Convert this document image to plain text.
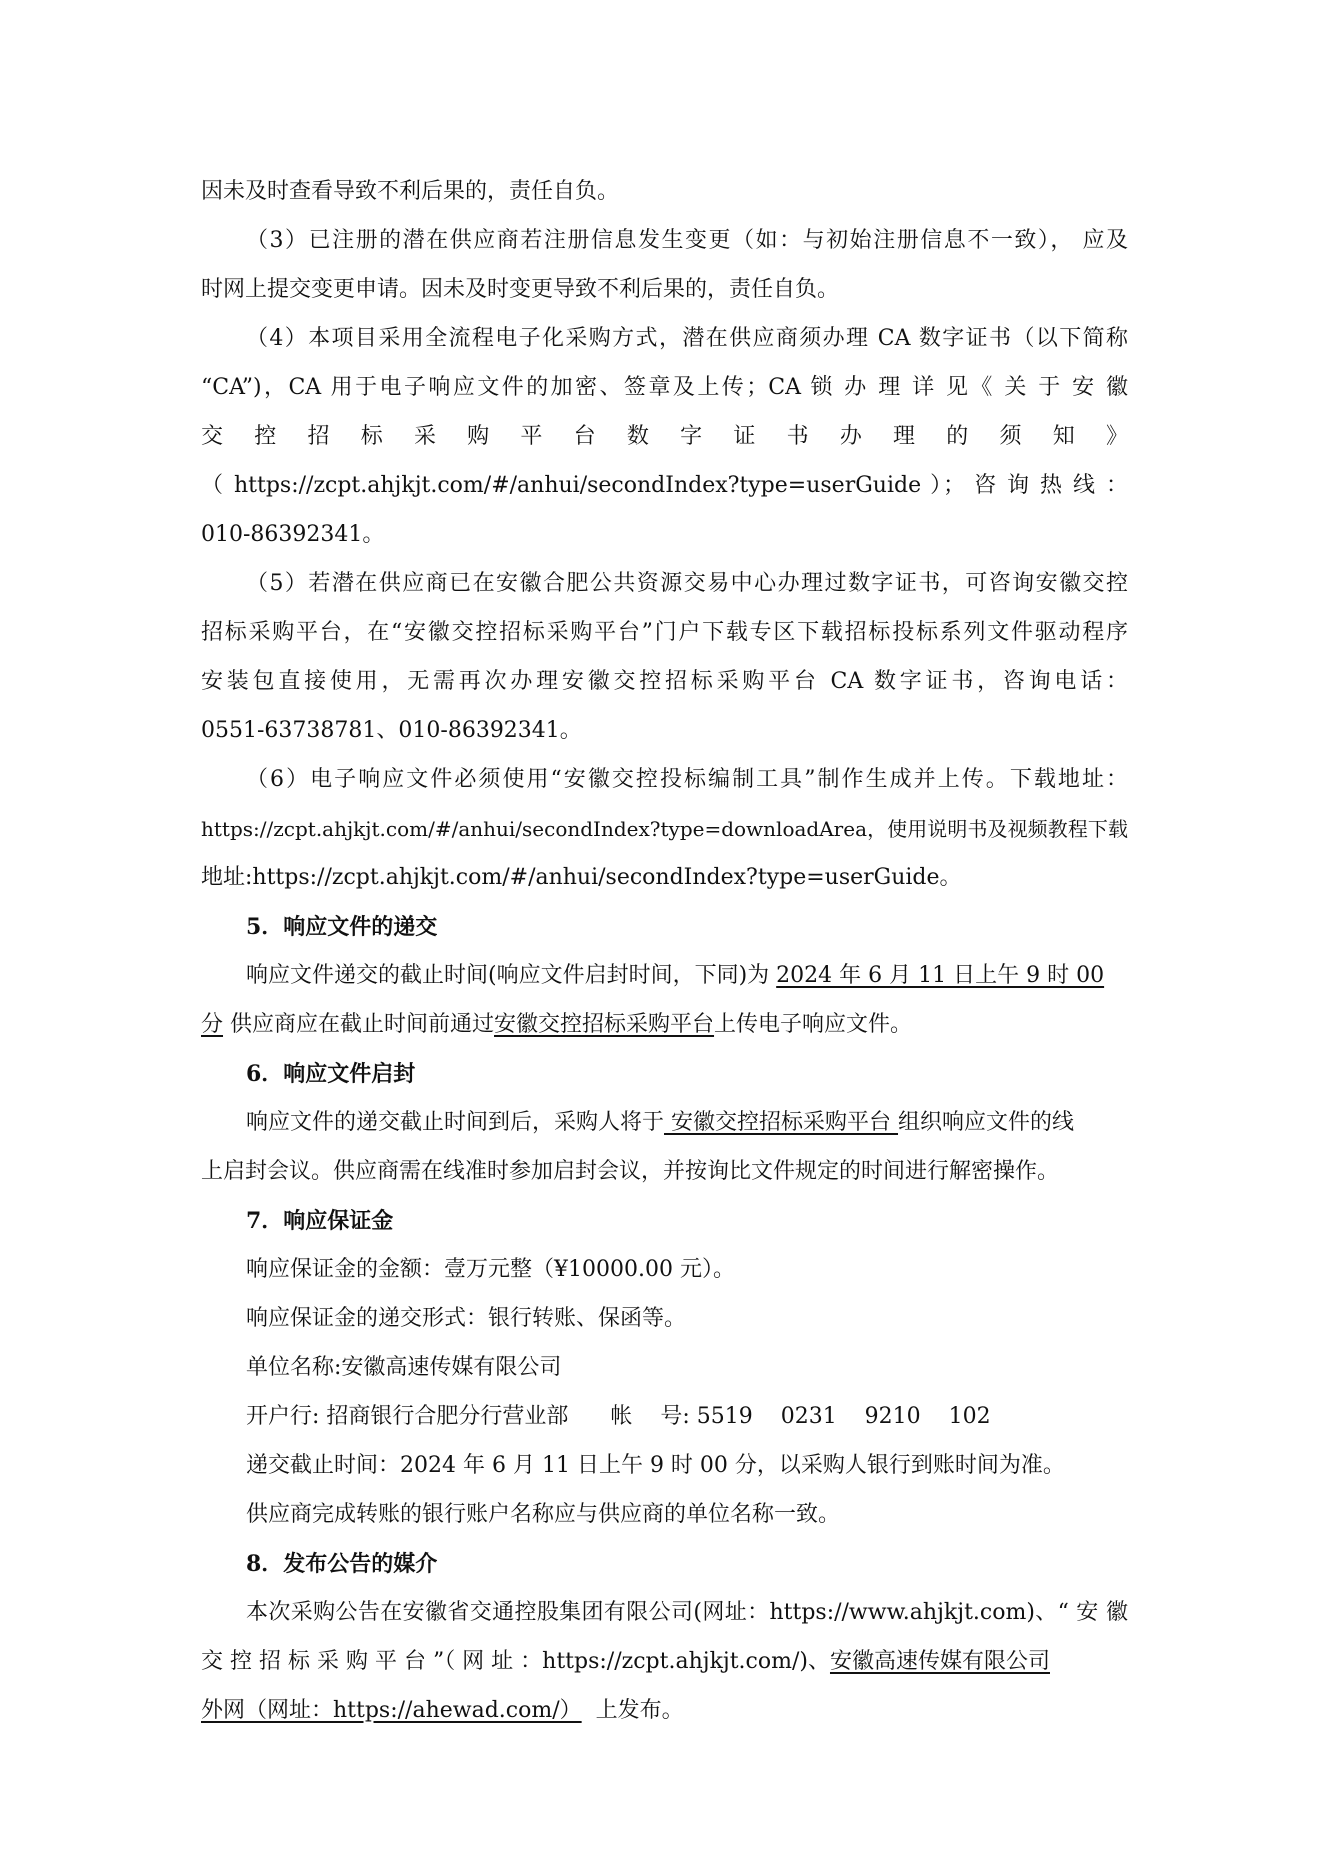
因未及时查看导致不利后果的，责任自负。
（3）已注册的潜在供应商若注册信息发生变更（如：与初始注册信息不一致）， 应及
时网上提交变更申请。因未及时变更导致不利后果的，责任自负。
（4）本项目采用全流程电子化采购方式，潜在供应商须办理 CA 数字证书（以下简称
“CA”)，CA 用于电子响应文件的加密、签章及上传；CA 锁 办 理 详 见《 关 于 安 徽
交 控 招 标 采 购 平 台 数 字 证 书 办 理 的 须 知 》
（ https://zcpt.ahjkjt.com/#/anhui/secondIndex?type=userGuide ）； 咨 询 热 线 ：
010-86392341。
（5）若潜在供应商已在安徽合肥公共资源交易中心办理过数字证书，可咨询安徽交控
招标采购平台，在“安徽交控招标采购平台”门户下载专区下载招标投标系列文件驱动程序
安装包直接使用，无需再次办理安徽交控招标采购平台 CA 数字证书，咨询电话：
0551-63738781、010-86392341。
（6）电子响应文件必须使用“安徽交控投标编制工具”制作生成并上传。下载地址：
https://zcpt.ahjkjt.com/#/anhui/secondIndex?type=downloadArea，使用说明书及视频教程下载
地址:https://zcpt.ahjkjt.com/#/anhui/secondIndex?type=userGuide。
5．响应文件的递交
响应文件递交的截止时间(响应文件启封时间，下同)为 2024 年 6 月 11 日上午 9 时 00
分 供应商应在截止时间前通过安徽交控招标采购平台上传电子响应文件。
6．响应文件启封
响应文件的递交截止时间到后，采购人将于 安徽交控招标采购平台 组织响应文件的线
上启封会议。供应商需在线准时参加启封会议，并按询比文件规定的时间进行解密操作。
7．响应保证金
响应保证金的金额：壹万元整（¥10000.00 元）。
响应保证金的递交形式：银行转账、保函等。
单位名称:安徽高速传媒有限公司
开户行: 招商银行合肥分行营业部      帐    号: 5519    0231    9210    102
递交截止时间：2024 年 6 月 11 日上午 9 时 00 分，以采购人银行到账时间为准。
供应商完成转账的银行账户名称应与供应商的单位名称一致。
8．发布公告的媒介
本次采购公告在安徽省交通控股集团有限公司(网址：https://www.ahjkjt.com)、“ 安 徽
交 控 招 标 采 购 平 台 ”（ 网 址 ：https://zcpt.ahjkjt.com/)、安徽高速传媒有限公司
外网（网址：https://ahewad.com/）  上发布。
